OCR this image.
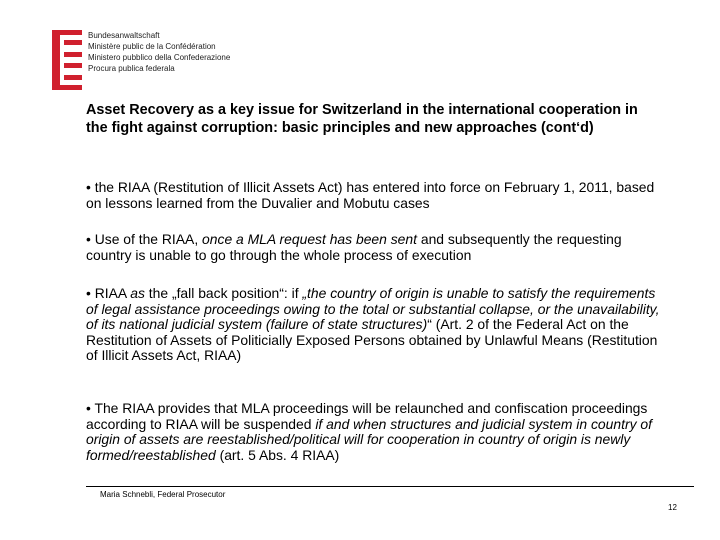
Bundesanwaltschaft
Ministère public de la Confédération
Ministero pubblico della Confederazione
Procura publica federala
Asset Recovery as a key issue for Switzerland in the international cooperation in the fight against corruption: basic principles and new approaches (cont‘d)

• the RIAA (Restitution of Illicit Assets Act) has entered into force on February 1, 2011, based on lessons learned from the Duvalier and Mobutu cases

• Use of the RIAA, once a MLA request has been sent and subsequently the requesting country is unable to go through the whole process of execution

• RIAA as the „fall back position“: if „the country of origin is unable to satisfy the requirements of legal assistance proceedings owing to the total or substantial collapse, or the unavailability, of its national judicial system (failure of state structures)“ (Art. 2 of the Federal Act on the Restitution of Assets of Politicially Exposed Persons obtained by Unlawful Means (Restitution of Illicit Assets Act, RIAA)

• The RIAA provides that MLA proceedings will be relaunched and confiscation proceedings according to RIAA will be suspended if and when structures and judicial system in country of origin of assets are reestablished/political will for cooperation in country of origin is newly formed/reestablished (art. 5 Abs. 4 RIAA)

Maria Schnebli, Federal Prosecutor
12
